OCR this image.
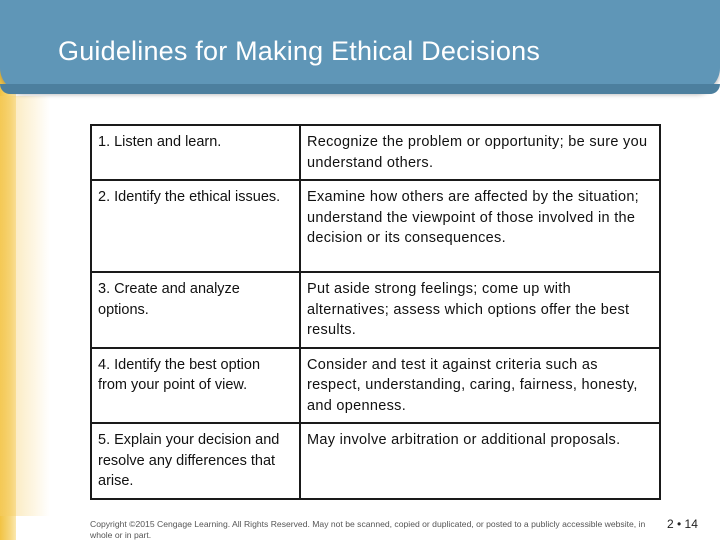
Guidelines for Making Ethical Decisions
1. Listen and learn.	Recognize the problem or opportunity; be sure you understand others.
2. Identify the ethical issues.	Examine how others are affected by the situation; understand the viewpoint of those involved in the decision or its consequences.
3. Create and analyze options.	Put aside strong feelings; come up with alternatives; assess which options offer the best results.
4. Identify the best option from your point of view.	Consider and test it against criteria such as respect, understanding, caring, fairness, honesty, and openness.
5. Explain your decision and resolve any differences that arise.	May involve arbitration or additional proposals.
Copyright ©2015 Cengage Learning. All Rights Reserved. May not be scanned, copied or duplicated, or posted to a publicly accessible website, in whole or in part.
2 • 14
